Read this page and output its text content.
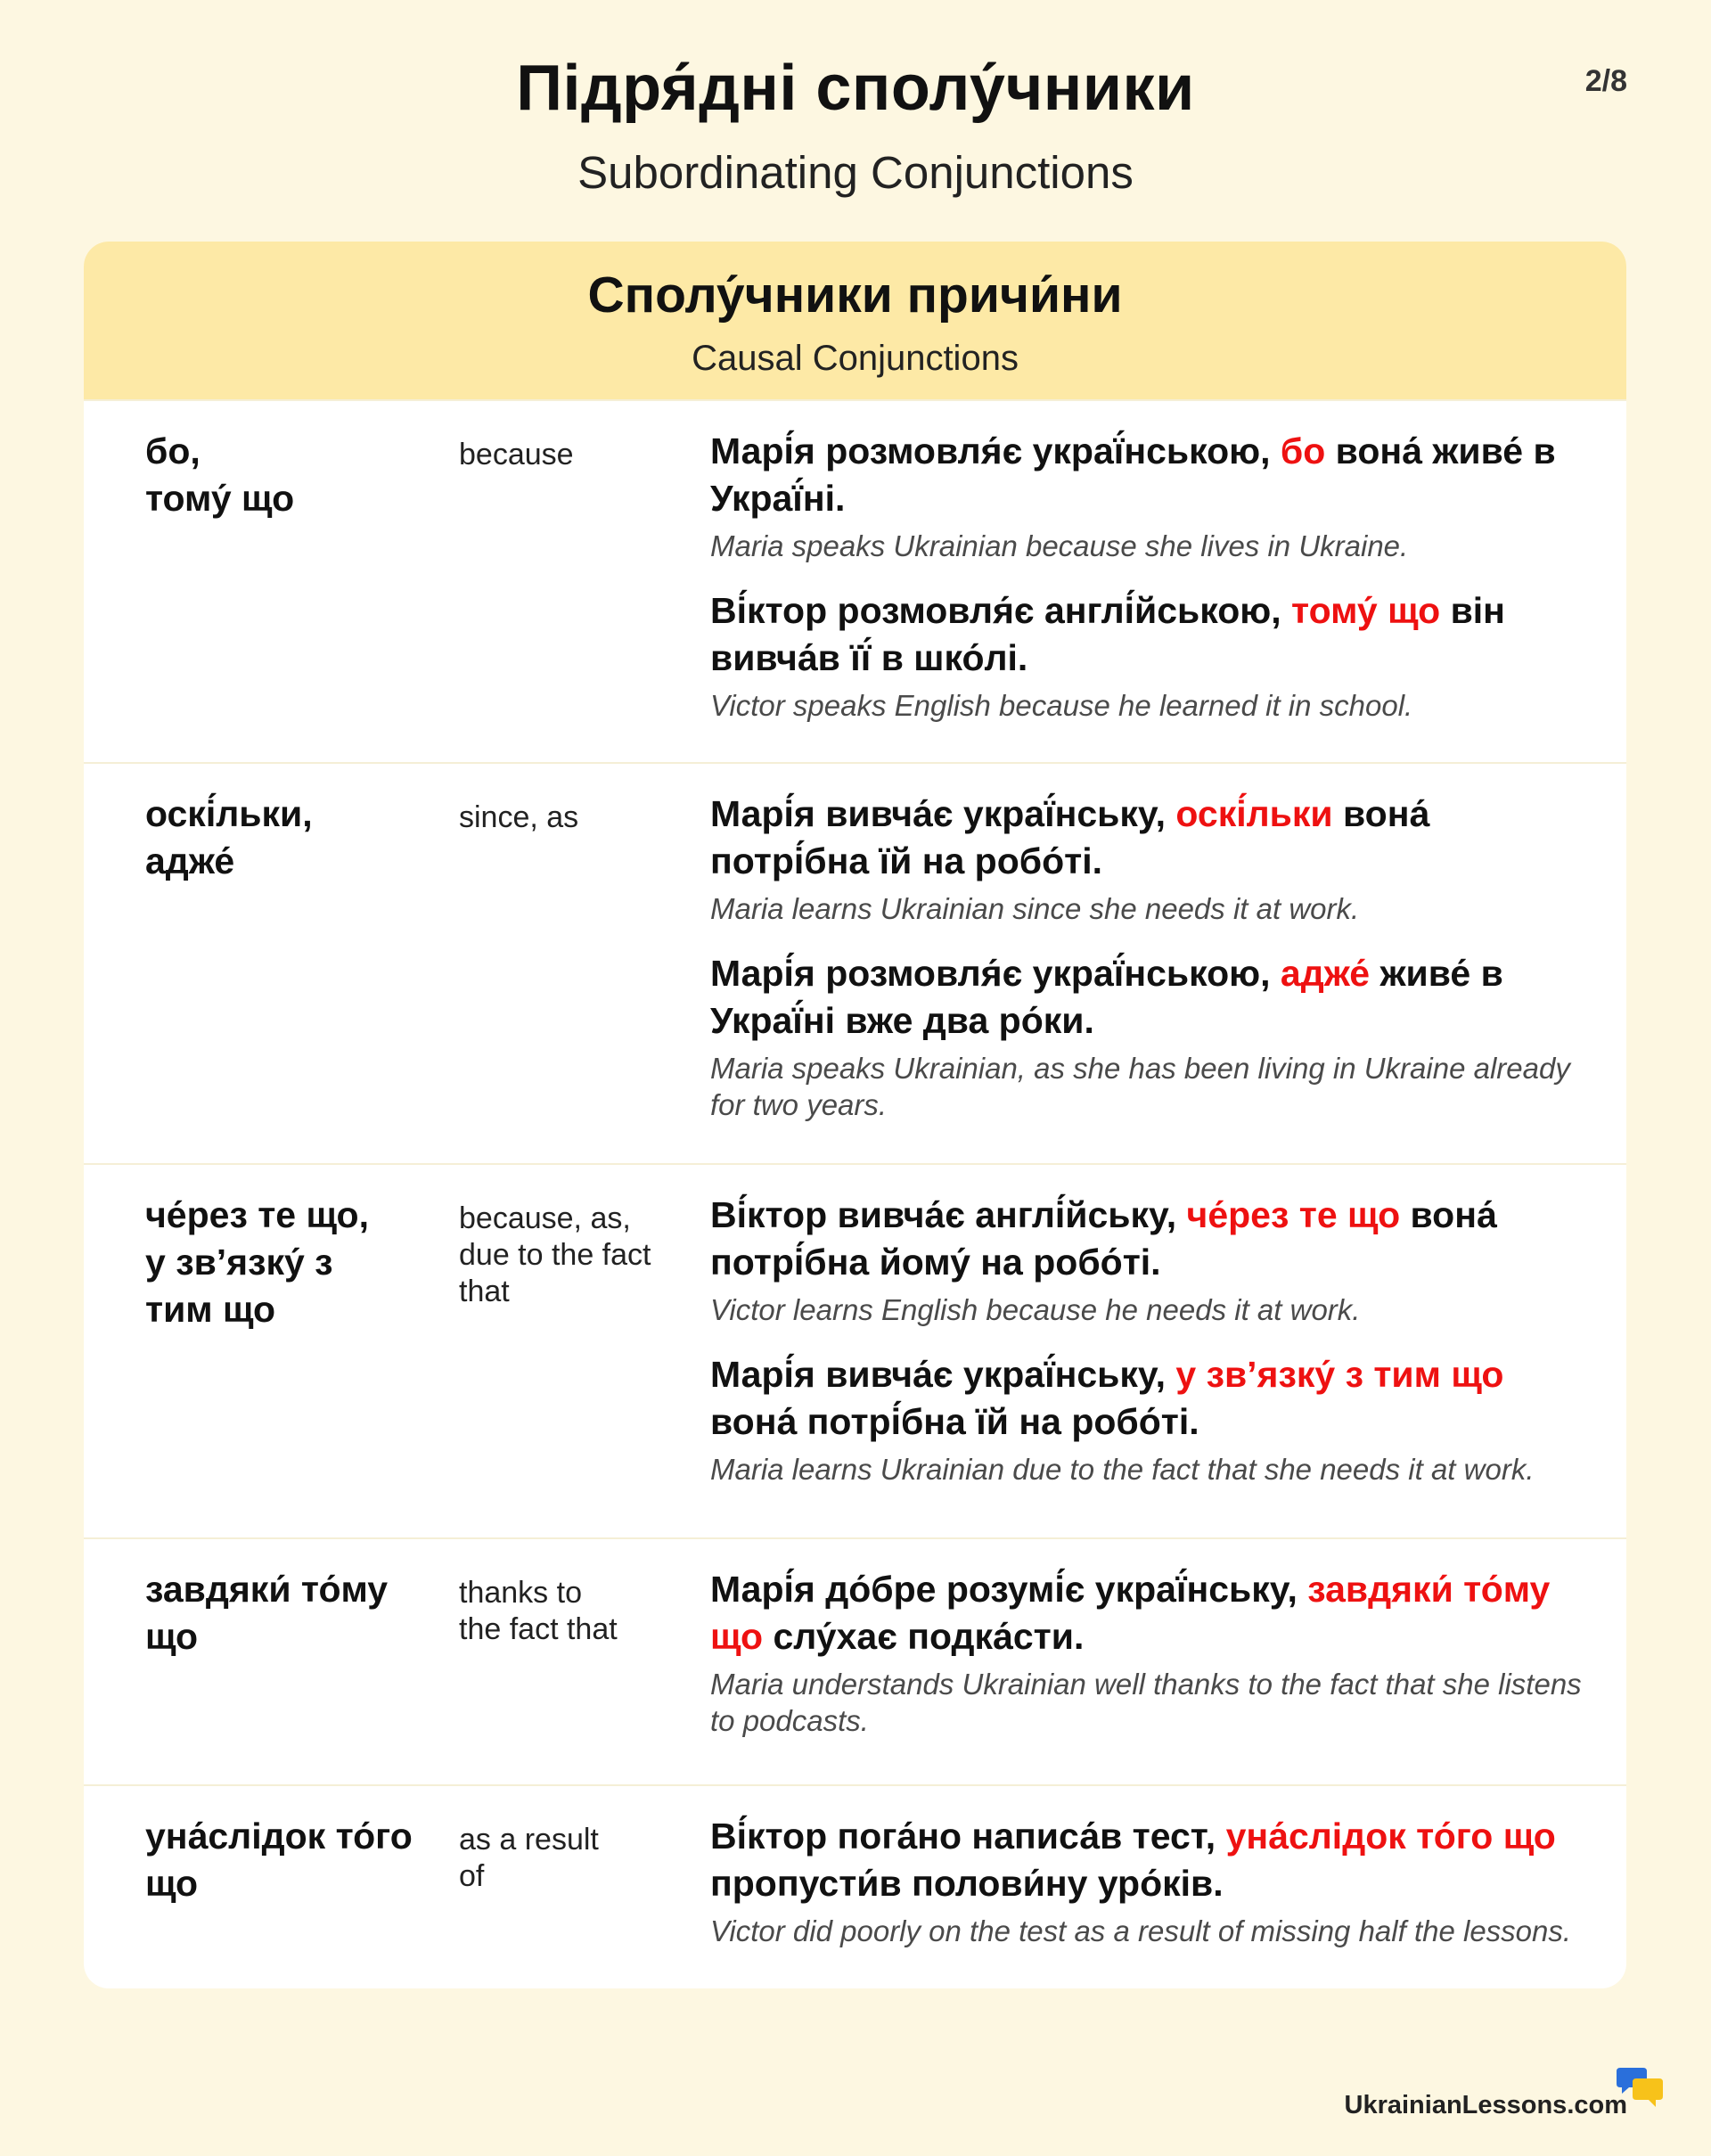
Підря́дні сполу́чники
Subordinating Conjunctions
2/8
Сполу́чники причи́ни
Causal Conjunctions
бо,
тому́ що
because	Марі́я розмовля́є украї́нською, бо вона́ живе́ в Украї́ні.
Maria speaks Ukrainian because she lives in Ukraine.
Ві́ктор розмовля́є англі́йською, тому́ що він вивча́в її́ в шко́лі.
Victor speaks English because he learned it in school.
оскі́льки,
адже́
since, as	Марі́я вивча́є украї́нську, оскі́льки вона́ потрі́бна їй на робо́ті.
Maria learns Ukrainian since she needs it at work.
Марі́я розмовля́є украї́нською, адже́ живе́ в Украї́ні вже два ро́ки.
Maria speaks Ukrainian, as she has been living in Ukraine already for two years.
че́рез те що,
у зв’язку́ з
тим що
because, as,
due to the fact
that
Ві́ктор вивча́є англі́йську, че́рез те що вона́ потрі́бна йому́ на робо́ті.
Victor learns English because he needs it at work.
Марі́я вивча́є украї́нську, у зв’язку́ з тим що вона́ потрі́бна їй на робо́ті.
Maria learns Ukrainian due to the fact that she needs it at work.
завдяки́ то́му
що
thanks to
the fact that
Марі́я до́бре розумі́є украї́нську, завдяки́ то́му що слу́хає подка́сти.
Maria understands Ukrainian well thanks to the fact that she listens to podcasts.
уна́слідок то́го
що
as a result
of
Ві́ктор пога́но написа́в тест, уна́слідок то́го що пропусти́в полови́ну уро́ків.
Victor did poorly on the test as a result of missing half the lessons.
UkrainianLessons.com
